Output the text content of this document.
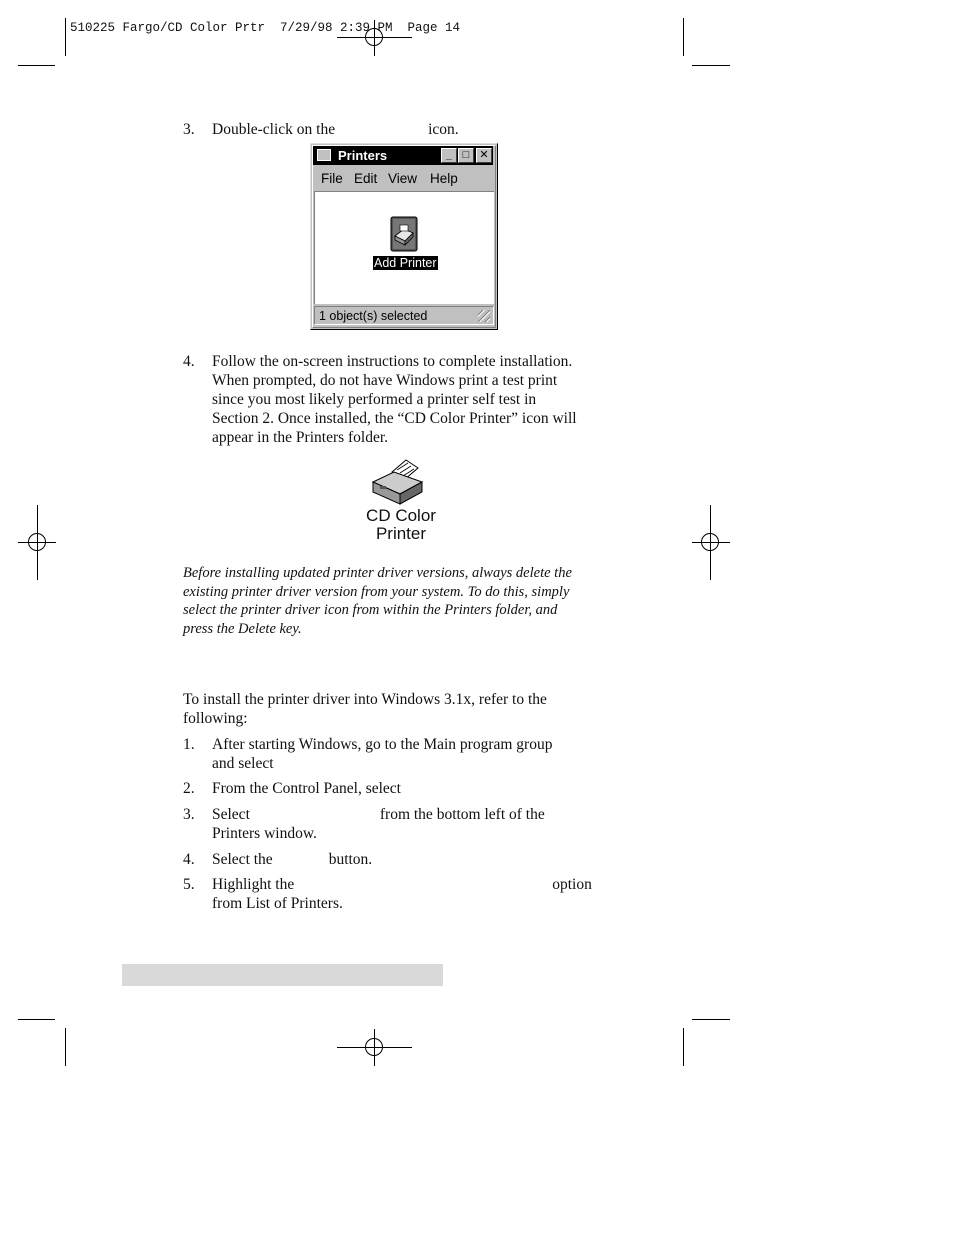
510225 Fargo/CD Color Prtr  7/29/98 2:39 PM  Page 14
3. Double-click on the	icon.
Printers	_ □ ✕
File Edit View Help
Add Printer
1 object(s) selected
4. Follow the on-screen instructions to complete installation.
When prompted, do not have Windows print a test print
since you most likely performed a printer self test in
Section 2. Once installed, the “CD Color Printer” icon will
appear in the Printers folder.
CD Color
Printer
Before installing updated printer driver versions, always delete the
existing printer driver version from your system. To do this, simply
select the printer driver icon from within the Printers folder, and
press the Delete key.
To install the printer driver into Windows 3.1x, refer to the
following:
1. After starting Windows, go to the Main program group
and select
2. From the Control Panel, select
3. Select	from the bottom left of the
Printers window.
4. Select the	button.
5. Highlight the	option
from List of Printers.
